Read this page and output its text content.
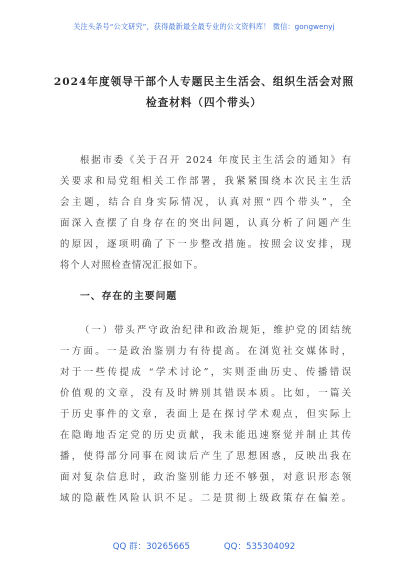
关注头条号“公文研究”，获得最新最全最专业的公文资料库！ 微信：gongwenyj
2024年度领导干部个人专题民主生活会、组织生活会对照
检查材料（四个带头）
根据市委《关于召开 2024 年度民主生活会的通知》有
关要求和局党组相关工作部署，我紧紧围绕本次民主生活
会主题，结合自身实际情况，认真对照“四个带头”，全
面深入查摆了自身存在的突出问题，认真分析了问题产生
的原因，逐项明确了下一步整改措施。按照会议安排，现
将个人对照检查情况汇报如下。
一、存在的主要问题
（一）带头严守政治纪律和政治规矩，维护党的团结统
一方面。一是政治鉴别力有待提高。在浏览社交媒体时，
对于一些传提成 “学术讨论”，实则歪曲历史、传播错误
价值观的文章，没有及时辨别其错误本质。比如，一篇关
于历史事件的文章，表面上是在探讨学术观点，但实际上
在隐晦地否定党的历史贡献，我未能迅速察觉并制止其传
播，使得部分同事在阅读后产生了思想困惑，反映出我在
面对复杂信息时，政治鉴别能力还不够强，对意识形态领
域的隐蔽性风险认识不足。二是贯彻上级政策存在偏差。
QQ 群：30265665	QQ：535304092
